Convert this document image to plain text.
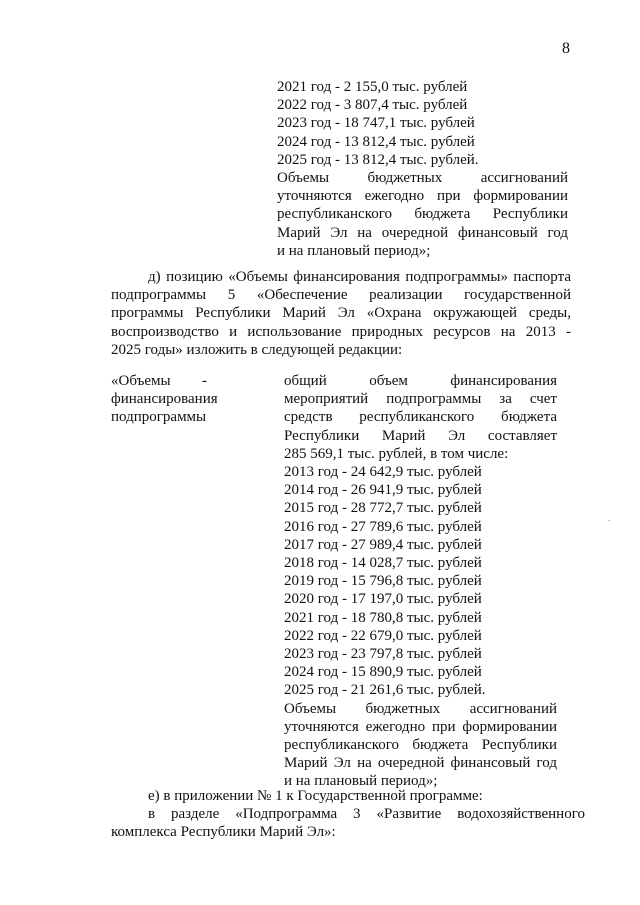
8
2021 год - 2 155,0 тыс. рублей
2022 год - 3 807,4 тыс. рублей
2023 год - 18 747,1 тыс. рублей
2024 год - 13 812,4 тыс. рублей
2025 год - 13 812,4 тыс. рублей.
Объемы бюджетных ассигнований
уточняются ежегодно при формировании
республиканского бюджета Республики
Марий Эл на очередной финансовый год
и на плановый период»;
д) позицию «Объемы финансирования подпрограммы» паспорта
подпрограммы 5 «Обеспечение реализации государственной
программы Республики Марий Эл «Охрана окружающей среды,
воспроизводство и использование природных ресурсов на 2013 -
2025 годы» изложить в следующей редакции:
«Объемы
финансирования
подпрограммы
-	общий объем финансирования
мероприятий подпрограммы за счет
средств республиканского бюджета
Республики Марий Эл составляет
285 569,1 тыс. рублей, в том числе:
2013 год - 24 642,9 тыс. рублей
2014 год - 26 941,9 тыс. рублей
2015 год - 28 772,7 тыс. рублей
2016 год - 27 789,6 тыс. рублей
2017 год - 27 989,4 тыс. рублей
2018 год - 14 028,7 тыс. рублей
2019 год - 15 796,8 тыс. рублей
2020 год - 17 197,0 тыс. рублей
2021 год - 18 780,8 тыс. рублей
2022 год - 22 679,0 тыс. рублей
2023 год - 23 797,8 тыс. рублей
2024 год - 15 890,9 тыс. рублей
2025 год - 21 261,6 тыс. рублей.
Объемы бюджетных ассигнований
уточняются ежегодно при формировании
республиканского бюджета Республики
Марий Эл на очередной финансовый год
и на плановый период»;
е) в приложении № 1 к Государственной программе:
в разделе «Подпрограмма 3 «Развитие водохозяйственного
комплекса Республики Марий Эл»:
